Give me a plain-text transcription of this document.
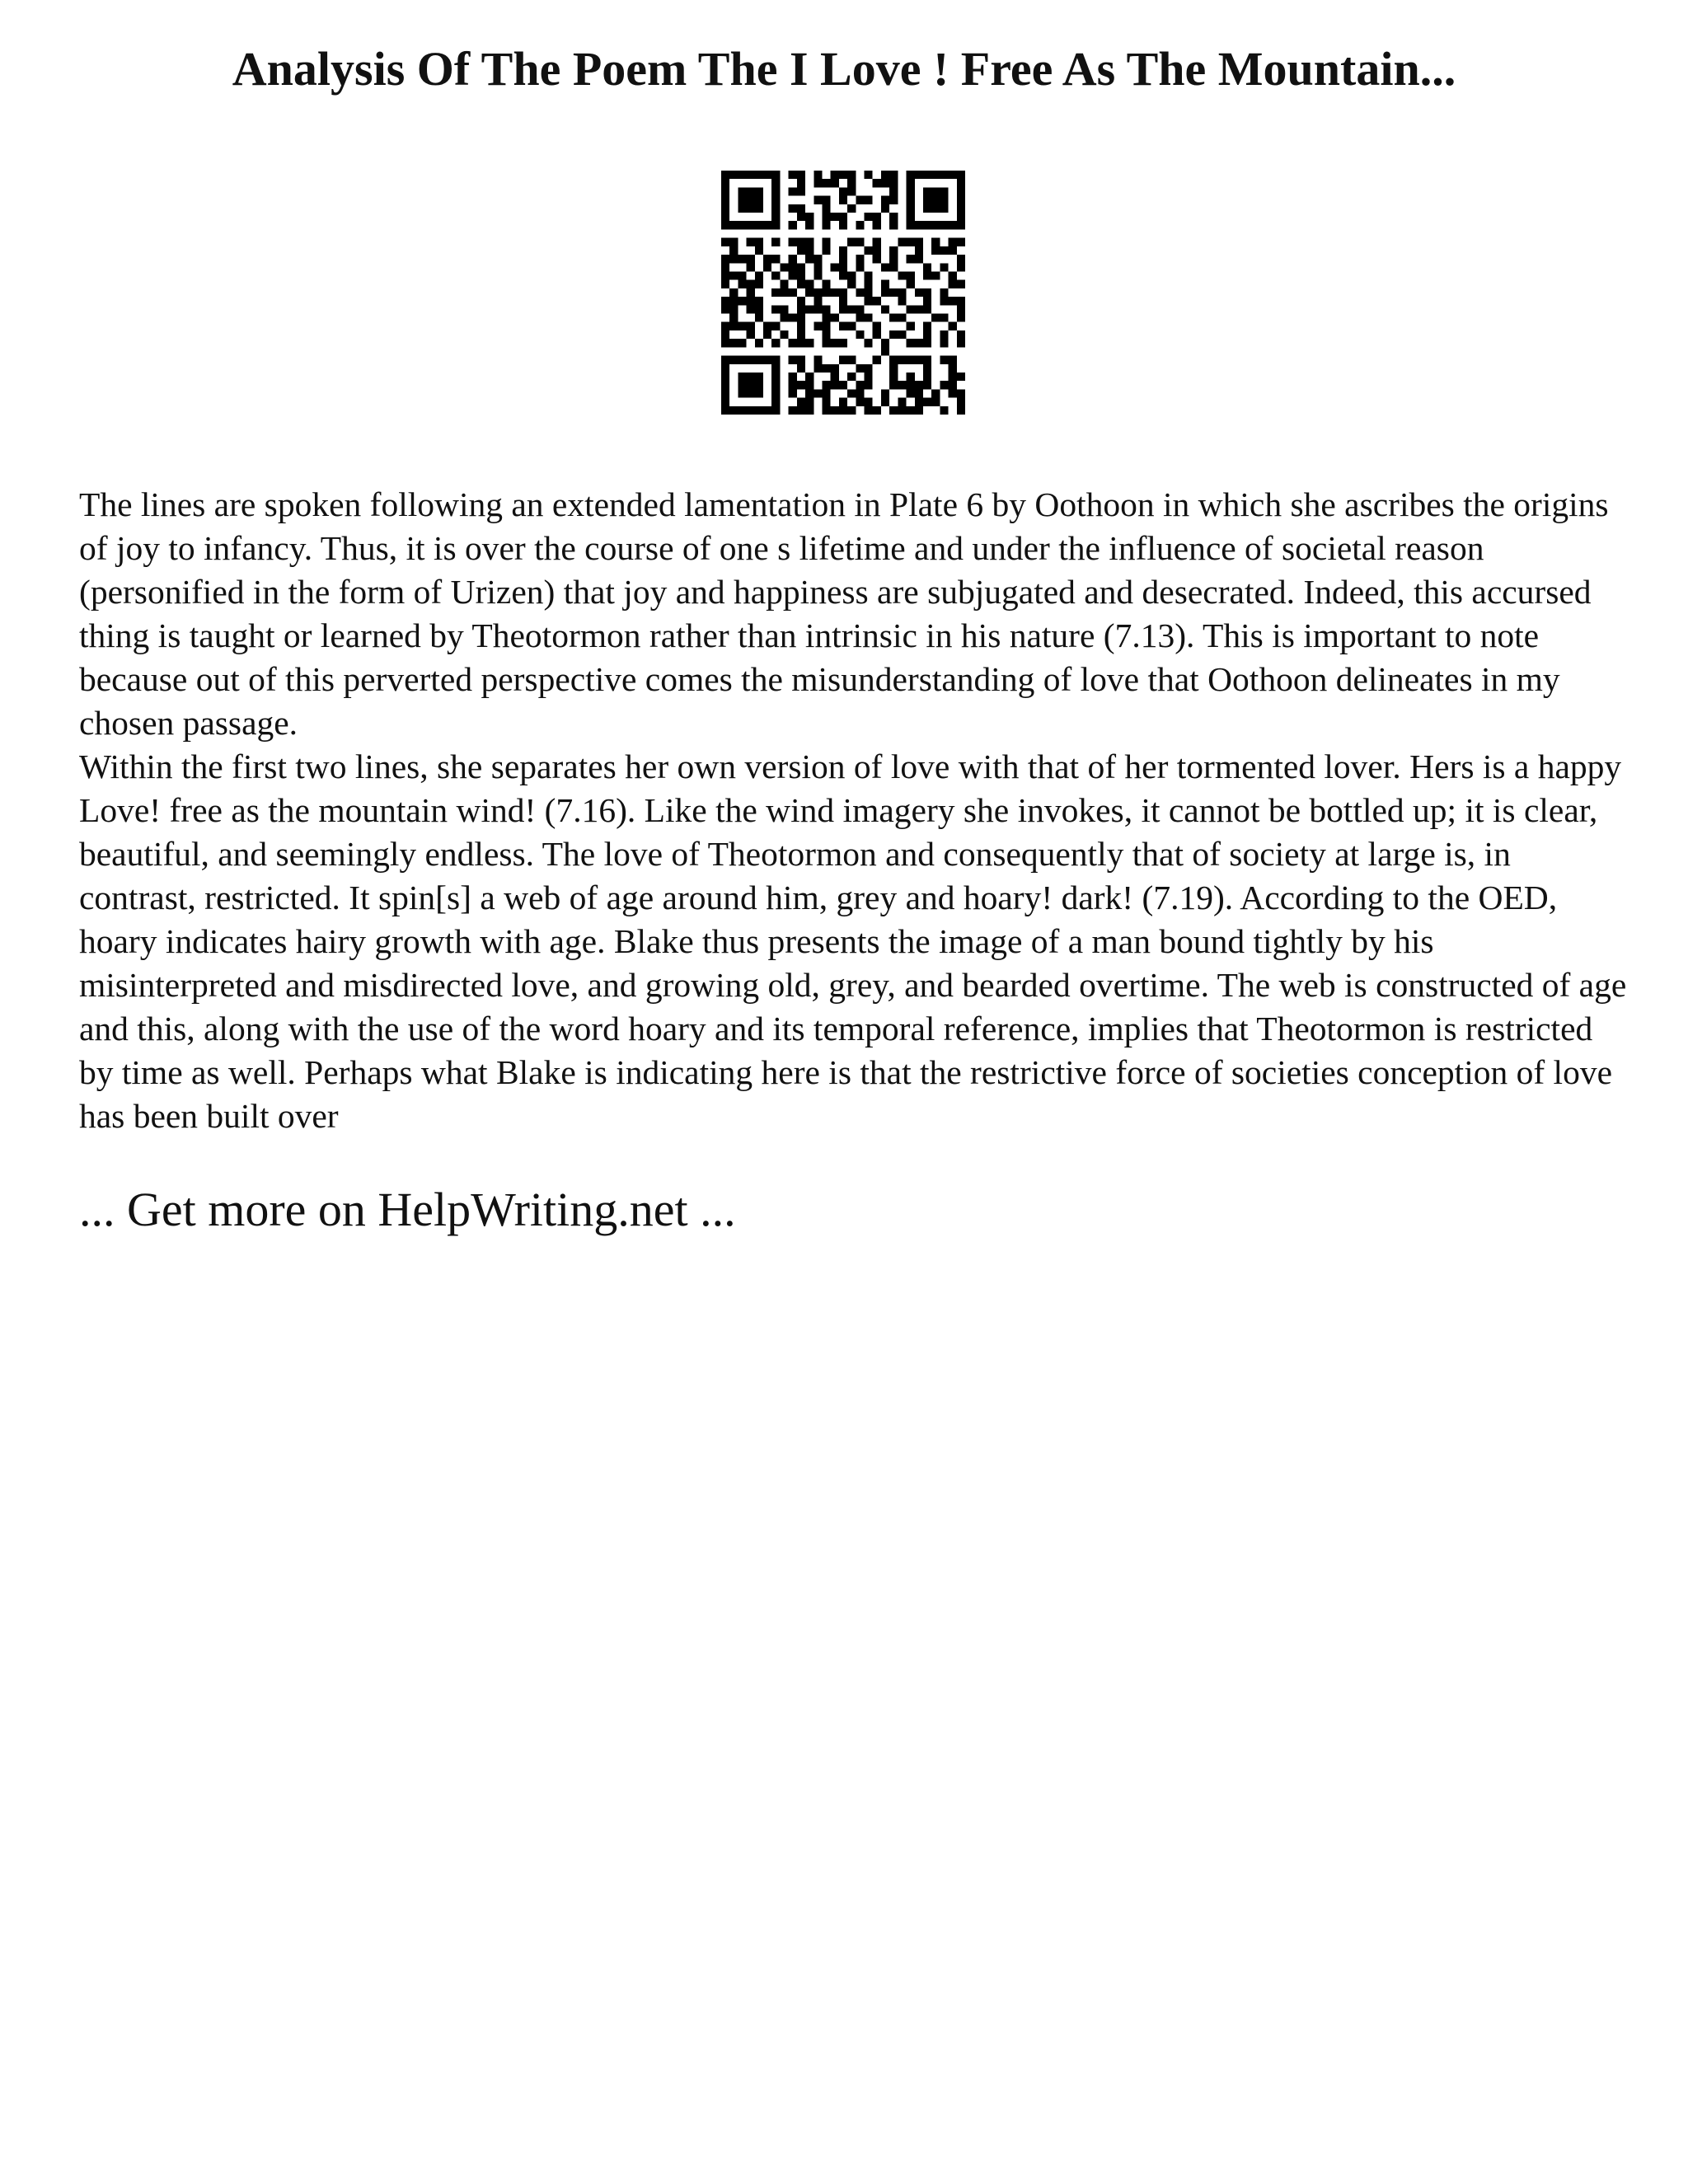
Analysis Of The Poem The I Love ! Free As The Mountain...

The lines are spoken following an extended lamentation in Plate 6 by Oothoon in which she ascribes the origins of joy to infancy. Thus, it is over the course of one s lifetime and under the influence of societal reason (personified in the form of Urizen) that joy and happiness are subjugated and desecrated. Indeed, this accursed thing is taught or learned by Theotormon rather than intrinsic in his nature (7.13). This is important to note because out of this perverted perspective comes the misunderstanding of love that Oothoon delineates in my chosen passage.

Within the first two lines, she separates her own version of love with that of her tormented lover. Hers is a happy Love! free as the mountain wind! (7.16). Like the wind imagery she invokes, it cannot be bottled up; it is clear, beautiful, and seemingly endless. The love of Theotormon and consequently that of society at large is, in contrast, restricted. It spin[s] a web of age around him, grey and hoary! dark! (7.19). According to the OED, hoary indicates hairy growth with age. Blake thus presents the image of a man bound tightly by his misinterpreted and misdirected love, and growing old, grey, and bearded overtime. The web is constructed of age and this, along with the use of the word hoary and its temporal reference, implies that Theotormon is restricted by time as well. Perhaps what Blake is indicating here is that the restrictive force of societies conception of love has been built over

... Get more on HelpWriting.net ...
